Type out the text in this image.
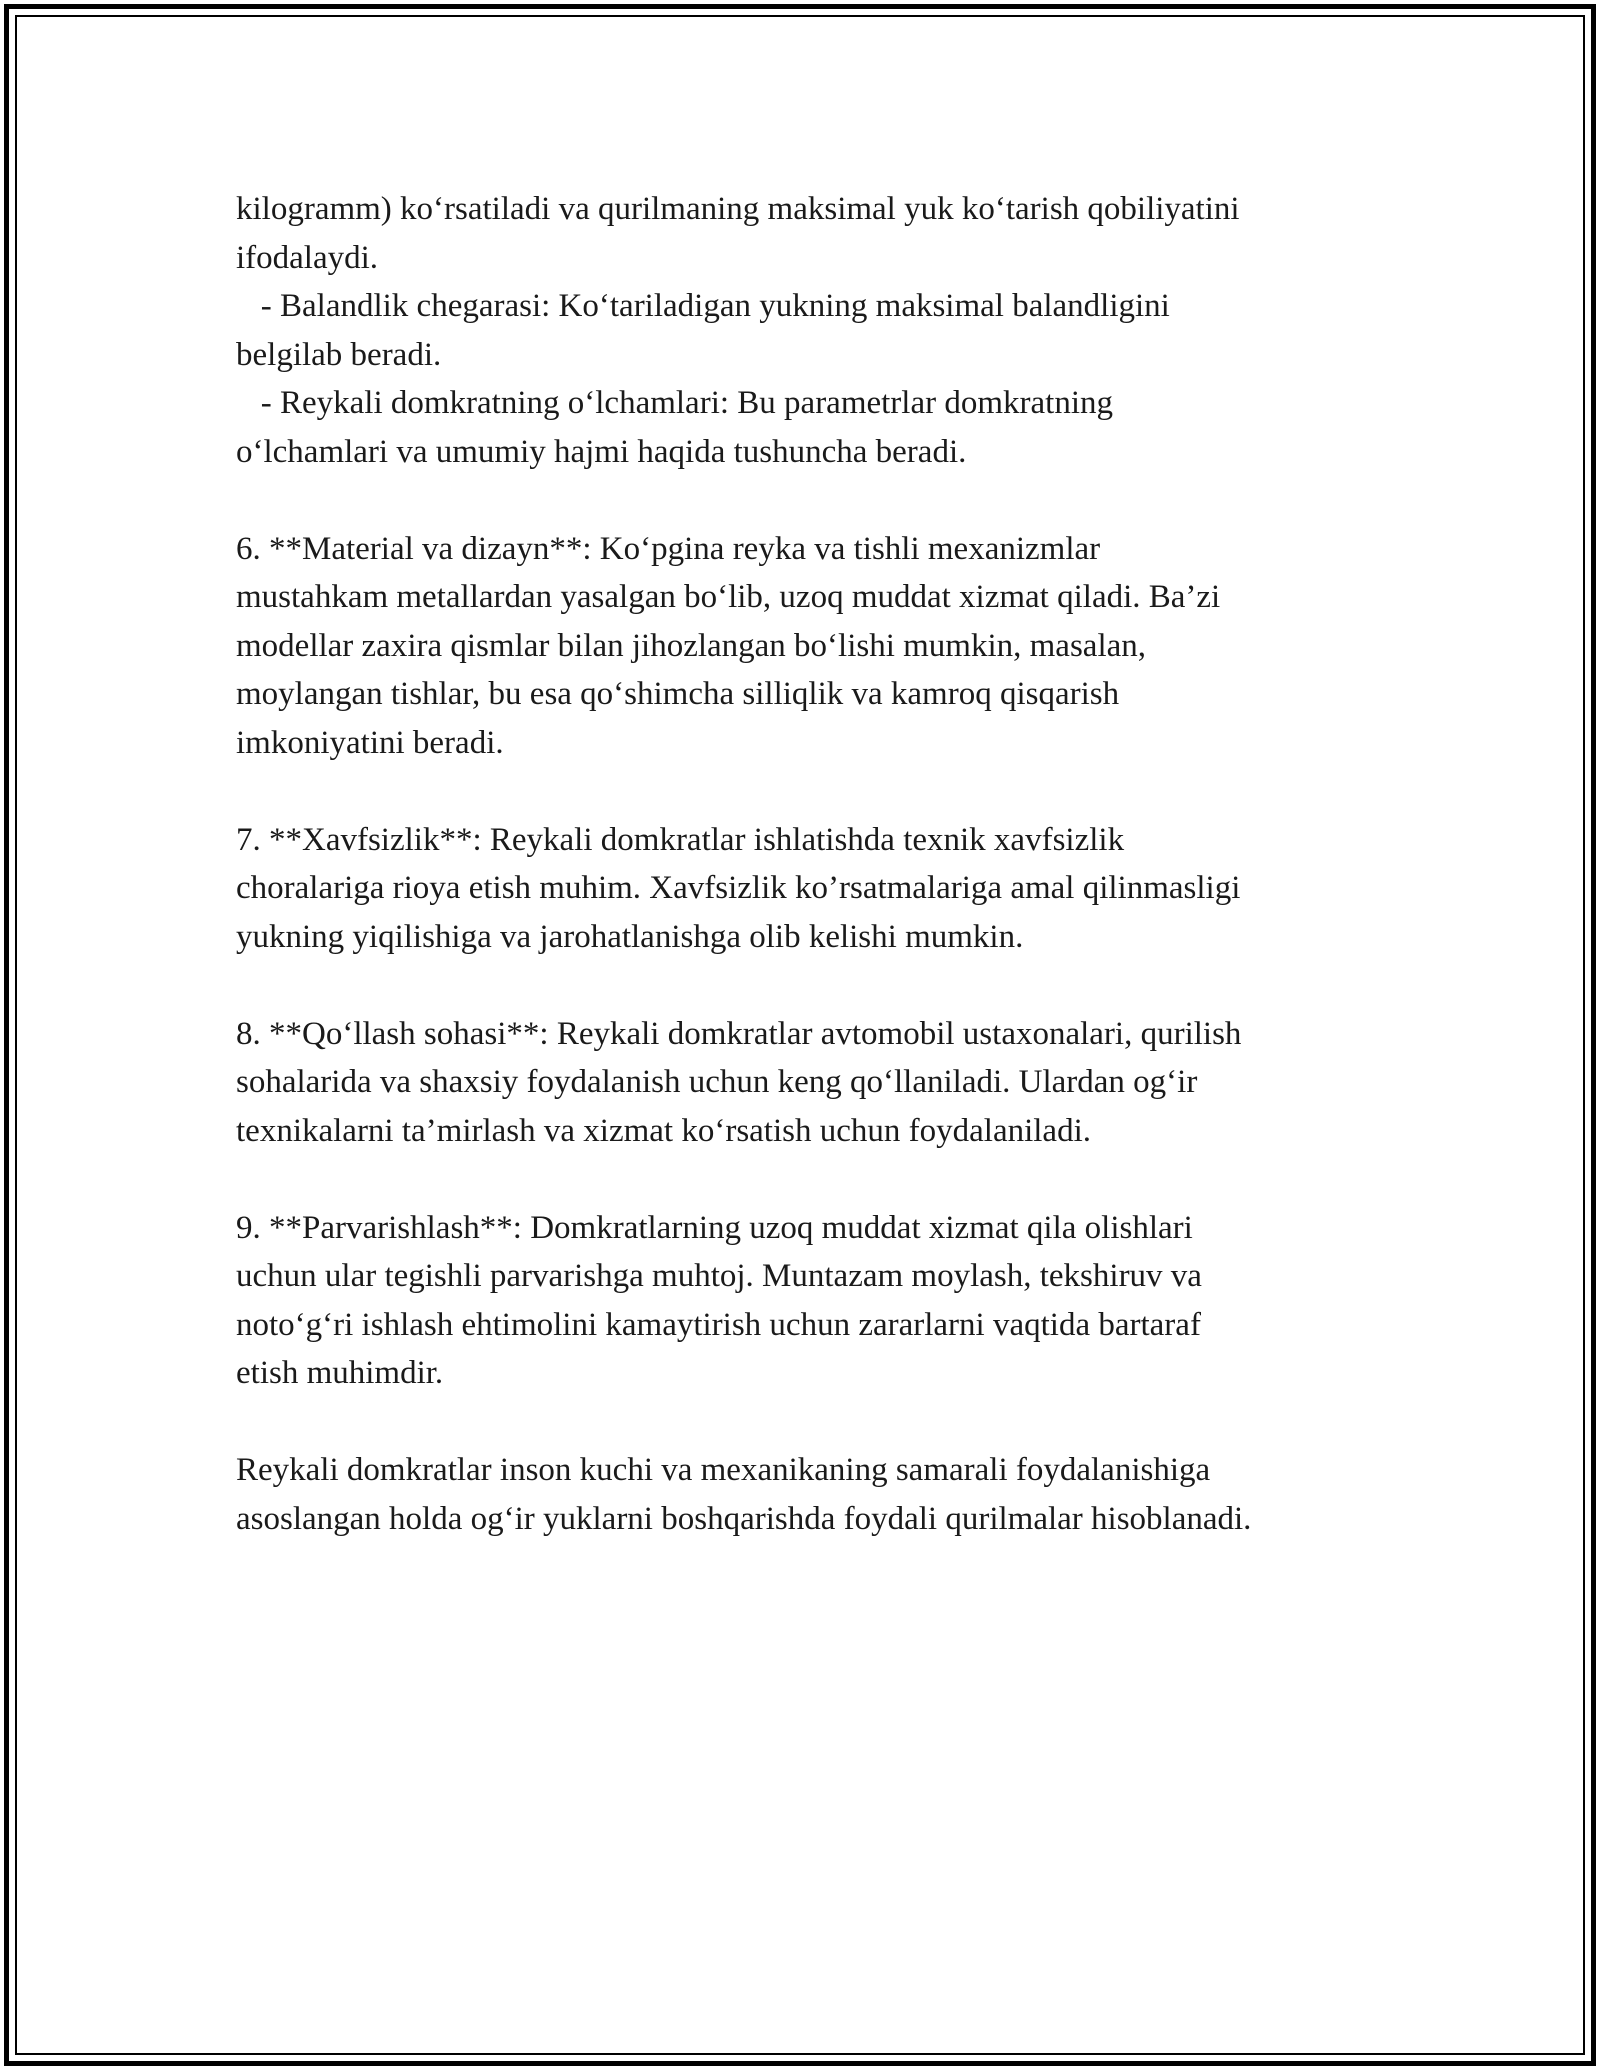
kilogramm) ko‘rsatiladi va qurilmaning maksimal yuk ko‘tarish qobiliyatini
ifodalaydi.
- Balandlik chegarasi: Ko‘tariladigan yukning maksimal balandligini
belgilab beradi.
- Reykali domkratning o‘lchamlari: Bu parametrlar domkratning
o‘lchamlari va umumiy hajmi haqida tushuncha beradi.
6. **Material va dizayn**: Ko‘pgina reyka va tishli mexanizmlar
mustahkam metallardan yasalgan bo‘lib, uzoq muddat xizmat qiladi. Ba’zi
modellar zaxira qismlar bilan jihozlangan bo‘lishi mumkin, masalan,
moylangan tishlar, bu esa qo‘shimcha silliqlik va kamroq qisqarish
imkoniyatini beradi.
7. **Xavfsizlik**: Reykali domkratlar ishlatishda texnik xavfsizlik
choralariga rioya etish muhim. Xavfsizlik ko’rsatmalariga amal qilinmasligi
yukning yiqilishiga va jarohatlanishga olib kelishi mumkin.
8. **Qo‘llash sohasi**: Reykali domkratlar avtomobil ustaxonalari, qurilish
sohalarida va shaxsiy foydalanish uchun keng qo‘llaniladi. Ulardan og‘ir
texnikalarni ta’mirlash va xizmat ko‘rsatish uchun foydalaniladi.
9. **Parvarishlash**: Domkratlarning uzoq muddat xizmat qila olishlari
uchun ular tegishli parvarishga muhtoj. Muntazam moylash, tekshiruv va
noto‘g‘ri ishlash ehtimolini kamaytirish uchun zararlarni vaqtida bartaraf
etish muhimdir.
Reykali domkratlar inson kuchi va mexanikaning samarali foydalanishiga
asoslangan holda og‘ir yuklarni boshqarishda foydali qurilmalar hisoblanadi.
